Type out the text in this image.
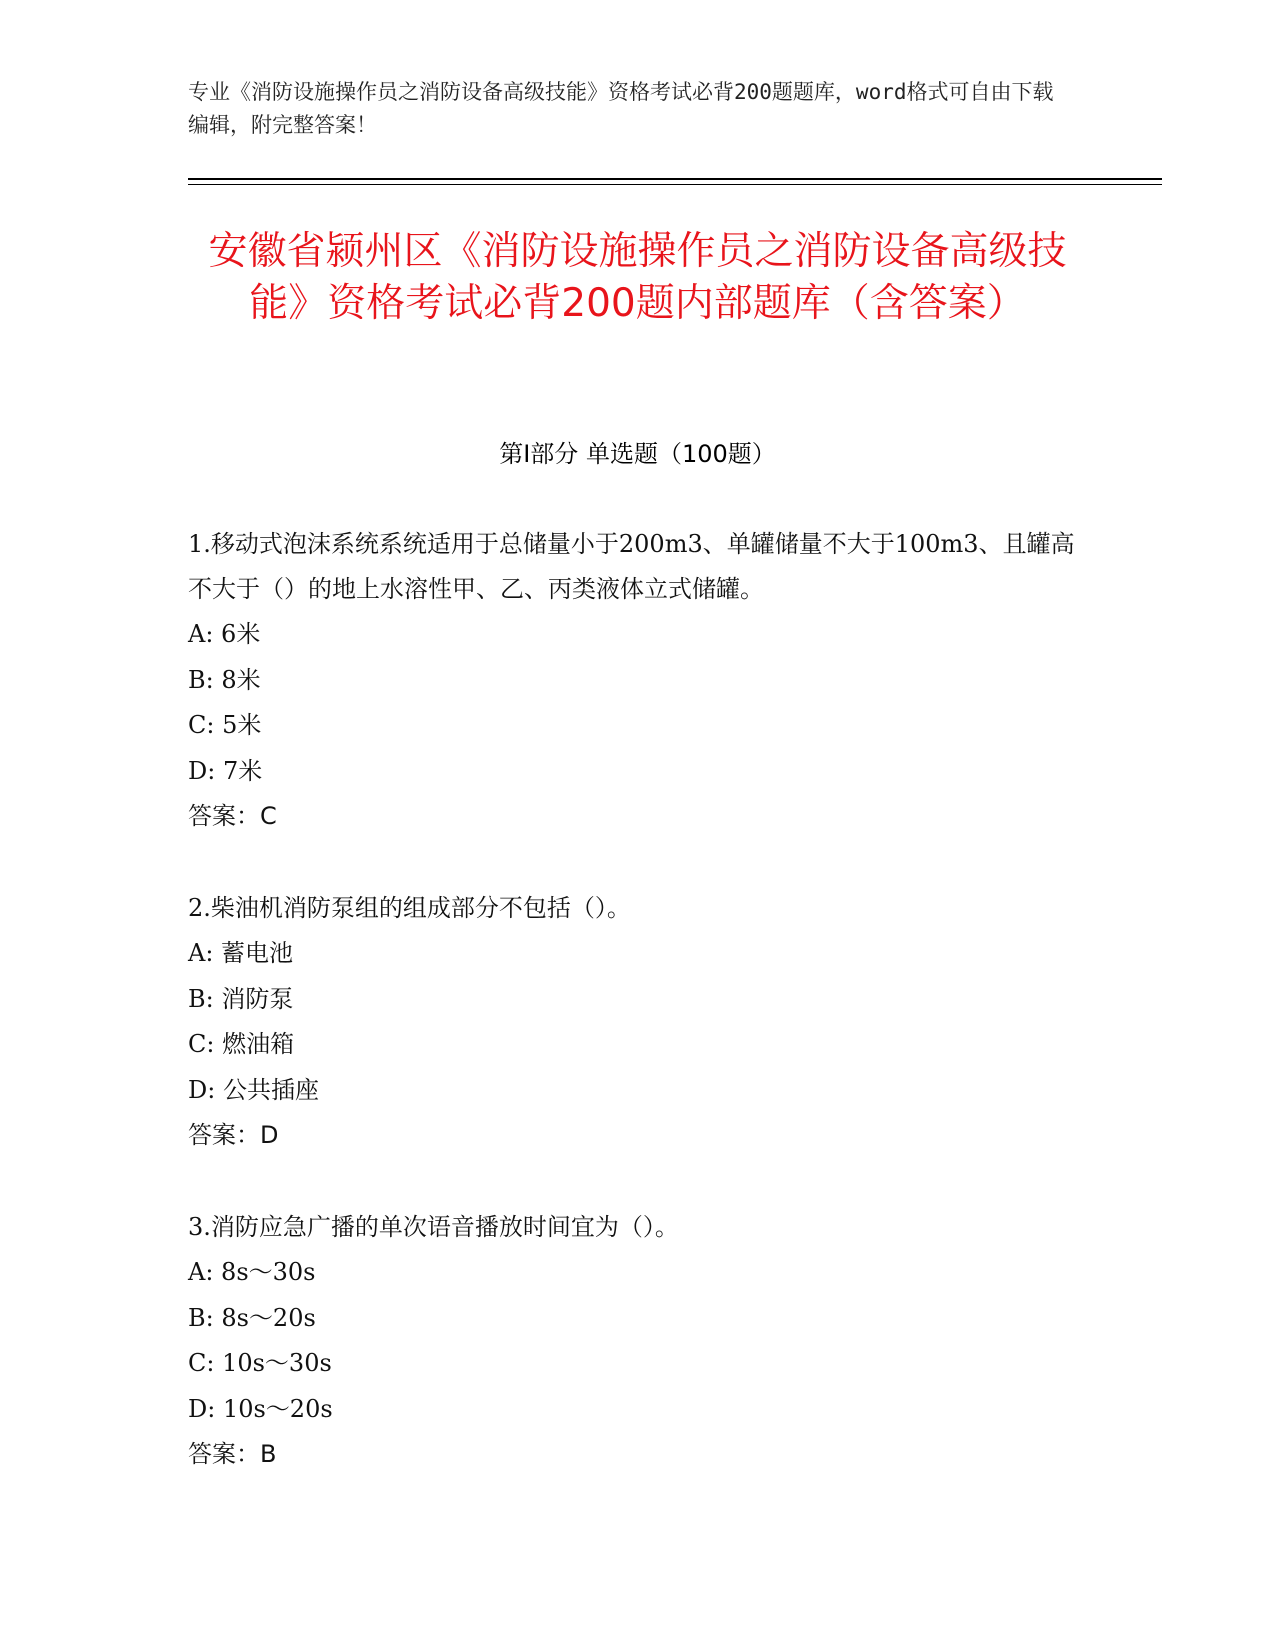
专业《消防设施操作员之消防设备高级技能》资格考试必背200题题库，word格式可自由下载编辑，附完整答案！
安徽省颍州区《消防设施操作员之消防设备高级技能》资格考试必背200题内部题库（含答案）
第I部分 单选题（100题）
1.移动式泡沫系统系统适用于总储量小于200m3、单罐储量不大于100m3、且罐高不大于（）的地上水溶性甲、乙、丙类液体立式储罐。
A: 6米
B: 8米
C: 5米
D: 7米
答案：C
2.柴油机消防泵组的组成部分不包括（）。
A: 蓄电池
B: 消防泵
C: 燃油箱
D: 公共插座
答案：D
3.消防应急广播的单次语音播放时间宜为（）。
A: 8s～30s
B: 8s～20s
C: 10s～30s
D: 10s～20s
答案：B
